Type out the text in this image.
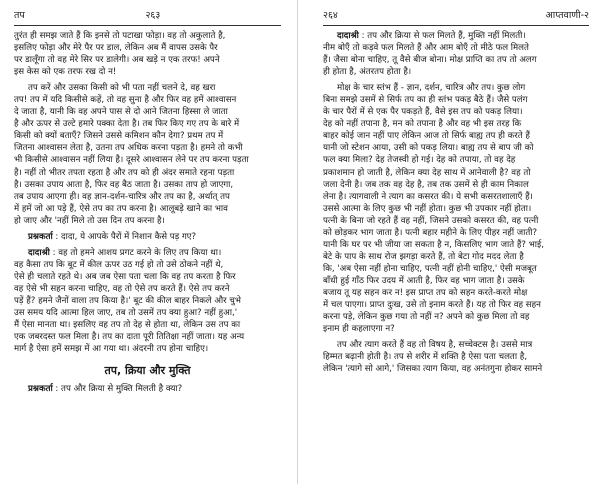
तप	२६३

तुरंत ही समझ जाते हैं कि इनसे तो पटाखा फोड़ा। वह तो अकुलाते है,
इसलिए फोड़ा और मेरे पैर पर डाल, लेकिन अब मैं वापस उसके पैर
पर डालूँगा तो वह मेरे सिर पर डालेगी। अब खड़े न एक तरफ! अपने
इस केस को एक तरफ रख दो न!

तप करें और उसका किसी को भी पता नहीं चलने दे, वह खरा
तप! तप में यदि किसीसे कहें, तो वह सुना है और फिर वह हमें आश्वासन
दे जाता है, यानी कि वह अपने पास से दो आने जितना हिस्सा ले जाता
है और ऊपर से उल्टे हमारे पक्का देता है। तब फिर किए गए तप के बारे में
किसी को क्यों बताएँ? जिसने उससे कमिशन कौन देगा? प्रथम तप में
जितना आश्वासन लेता है, उतना तप अधिक करना पड़ता है। हमने तो कभी
भी किसीसे आश्वासन नहीं लिया है। दूसरे आश्वासन लेने पर तप करना पड़ता
है। नहीं तो भीतर तपता रहता है और तप को ही अंदर समाते रहना पड़ता
है। उसका उपाय आता है, फिर वह बैठ जाता है। उसका ताप हो जाएगा,
तब उपाय आएगा ही। वह ज्ञान-दर्शन-चारित्र और तप का है, अर्थात् तप
में हमें जो आ पड़े हैं, ऐसे तप का तप करना है। आलूबड़े खाने का भाव
हो जाए और 'नहीं मिले तो उस दिन तप करना है।

प्रश्नकर्ता : दादा, ये आपके पैरों में निशान कैसे पड़ गए?

दादाश्री : वह तो हमने आशय प्रगट करने के लिए तप किया था।
वह कैसा तप कि बूट में कील ऊपर उठ गई हो तो उसे ठोकने नहीं थे,
ऐसे ही चलाते रहते थे। अब जब ऐसा पता चला कि वह तप करता है फिर
वह ऐसे भी सहन करना चाहिए, वह तो ऐसे तप करते हैं। ऐसे तप करने
पड़ें हैं? हमने जैनों वाला तप किया है।' बूट की कील बाहर निकले और चुभे
उस समय यदि आत्मा हिल जाए, तब तो उसमें तप क्या हुआ? नहीं हुआ,'
मैं ऐसा मानता था। इसलिए वह तप तो देह से होता था, लेकिन उस तप का
एक जबरदस्त फल मिला है। तप का दाता पूरी तितिक्षा नहीं जाता। यह अन्य
मार्ग है ऐसा हमें समझ में आ गया था। अंदरनी तप होना चाहिए।

तप, क्रिया और मुक्ति

प्रश्नकर्ता : तप और क्रिया से मुक्ति मिलती है क्या?

२६४	आप्तवाणी-२

दादाश्री : तप और क्रिया से फल मिलते हैं, मुक्ति नहीं मिलती।
नीम बोएँ तो कड़वे फल मिलते हैं और आम बोएँ तो मीठे फल मिलते
हैं। जैसा बोना चाहिए, तू वैसे बीज बोना। मोक्ष प्राप्ति का तप तो अलग
ही होता है, अंतरतप होता है।

मोक्ष के चार स्तंभ हैं - ज्ञान, दर्शन, चारित्र और तप। कुछ लोग
बिना समझे उसमें से सिर्फ तप का ही स्तंभ पकड़ बैठे हैं। जैसे पलंग
के चार पैरों में से एक पैर पकड़ते हैं, वैसे इस तप को पकड़ लिया।
देह को नहीं तपाना है, मन को तपाना है और वह भी इस तरह कि
बाहर कोई जान नहीं पाए लेकिन आज तो सिर्फ बाह्य तप ही करते हैं
यानी जो स्टेशन आया, उसी को पकड़ लिया। बाह्य तप से बाप जी को
फल क्या मिला? देह तेजस्वी हो गई। देह को तपाया, तो वह देह
प्रकाशमान हो जाती है, लेकिन क्या देह साथ में आनेवाली है? वह तो
जला देनी है। जब तक वह देह है, तब तक उसमें से ही काम निकाल
लेना है। त्यागवाली ने त्याग का कसरत की। ये सभी कसरतशालाएँ हैं।
उससे आत्मा के लिए कुछ भी नहीं होता। कुछ भी उपकार नहीं होता।
पत्नी के बिना जो रहते हैं वह नहीं, जिसने उसको कसरत की, वह पत्नी
को छोड़कर भाग जाता है। पत्नी बहार महीने के लिए पीहर नहीं जाती?
यानी कि घर पर भी जीया जा सकता है न, किसलिए भाग जाते हैं? भाई,
बेटे के पाप के साथ रोज झगड़ा करते हैं, तो बेटा गोद मदद लेता है
कि, 'अब ऐसा नहीं होना चाहिए, पत्नी नहीं होनी चाहिए,' ऐसी मजबूत
बाँधी हुई गाँठ फिर उदय में आती है, फिर वह भाग जाता है। उसके
बजाय तू यह सहन कर न! इस प्राप्त तप को सहन करते-करते मोक्ष
में चल पाएगा। प्राप्त दुःख, उसे तो इनाम करते हैं। यह तो फिर वह सहन
करना पड़े, लेकिन कुछ गया तो नहीं न? अपने को कुछ मिला तो वह
इनाम ही कहलाएगा न?

तप और त्याग करते हैं वह तो विषय है, सच्चेक्टस है। उससे मात्र
हिम्मत बढ़ानी होती है। तप से शरीर में शक्ति है ऐसा पता चलता है,
लेकिन 'त्यागे सो आगे,' जिसका त्याग किया, वह अनंतगुना होकर सामने
